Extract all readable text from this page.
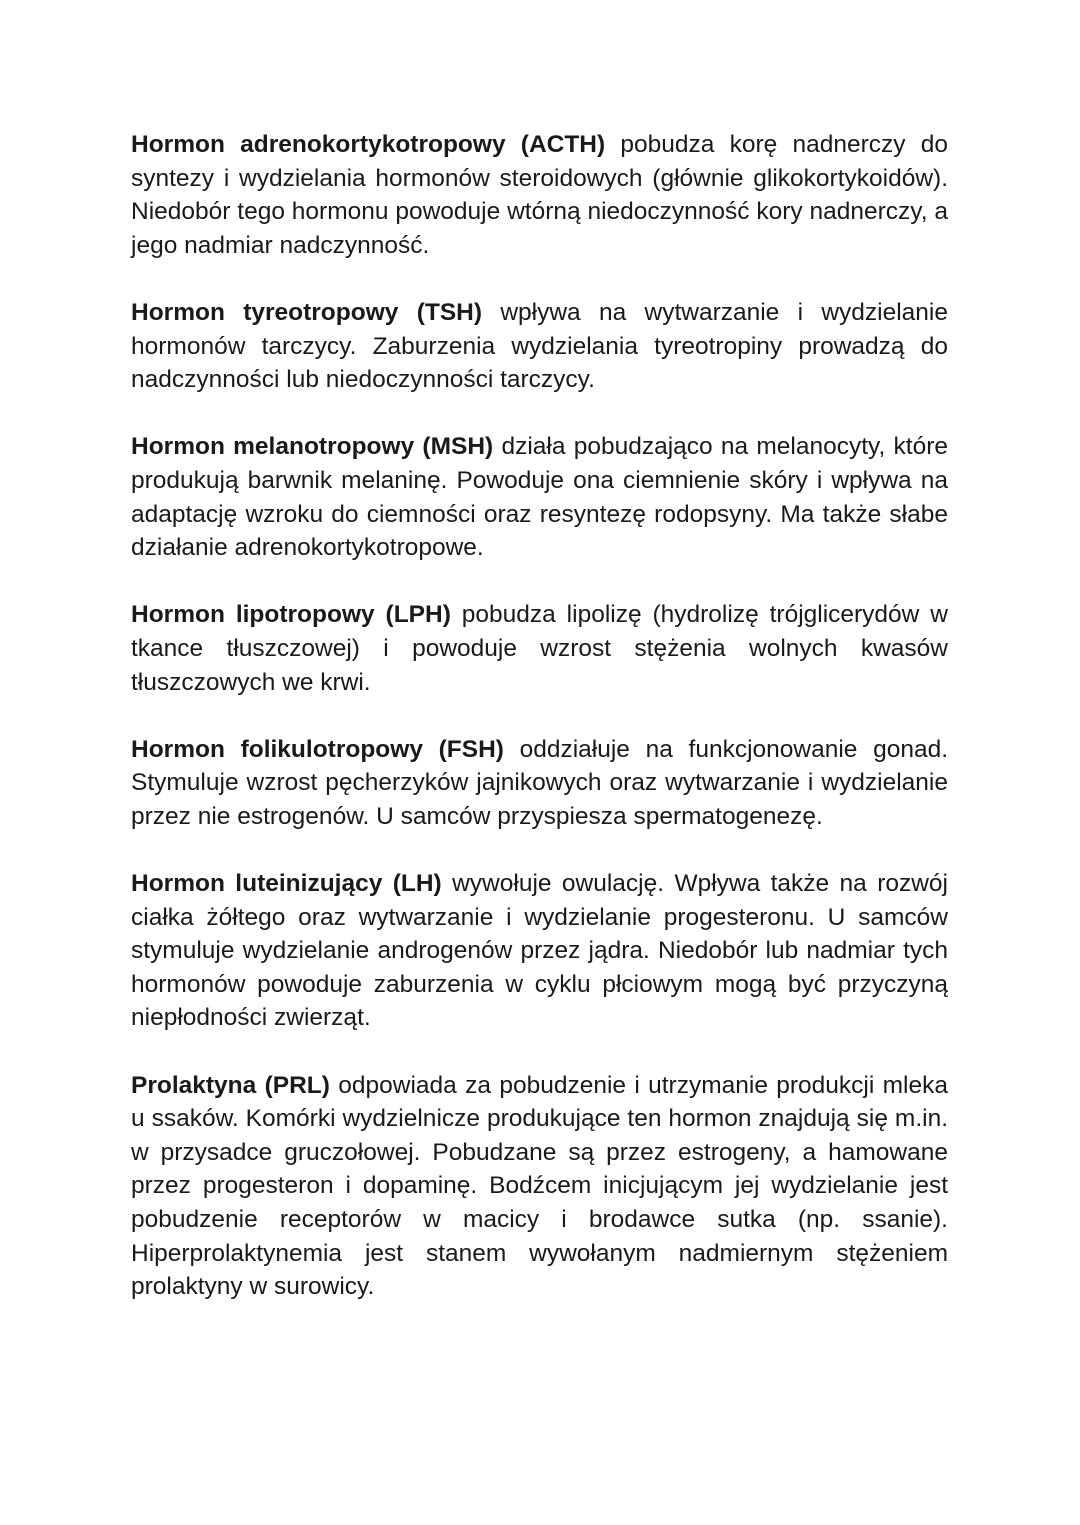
Hormon adrenokortykotropowy (ACTH) pobudza korę nadnerczy do syntezy i wydzielania hormonów steroidowych (głównie glikokortykoidów). Niedobór tego hormonu powoduje wtórną niedoczynność kory nadnerczy, a jego nadmiar nadczynność.

Hormon tyreotropowy (TSH) wpływa na wytwarzanie i wydzielanie hormonów tarczycy. Zaburzenia wydzielania tyreotropiny prowadzą do nadczynności lub niedoczynności tarczycy.

Hormon melanotropowy (MSH) działa pobudzająco na melanocyty, które produkują barwnik melaninę. Powoduje ona ciemnienie skóry i wpływa na adaptację wzroku do ciemności oraz resyntezę rodopsyny. Ma także słabe działanie adrenokortykotropowe.

Hormon lipotropowy (LPH) pobudza lipolizę (hydrolizę trójglicerydów w tkance tłuszczowej) i powoduje wzrost stężenia wolnych kwasów tłuszczowych we krwi.

Hormon folikulotropowy (FSH) oddziałuje na funkcjonowanie gonad. Stymuluje wzrost pęcherzyków jajnikowych oraz wytwarzanie i wydzielanie przez nie estrogenów. U samców przyspiesza spermatogenezę.

Hormon luteinizujący (LH) wywołuje owulację. Wpływa także na rozwój ciałka żółtego oraz wytwarzanie i wydzielanie progesteronu. U samców stymuluje wydzielanie androgenów przez jądra. Niedobór lub nadmiar tych hormonów powoduje zaburzenia w cyklu płciowym mogą być przyczyną niepłodności zwierząt.

Prolaktyna (PRL) odpowiada za pobudzenie i utrzymanie produkcji mleka u ssaków. Komórki wydzielnicze produkujące ten hormon znajdują się m.in. w przysadce gruczołowej. Pobudzane są przez estrogeny, a hamowane przez progesteron i dopaminę. Bodźcem inicjującym jej wydzielanie jest pobudzenie receptorów w macicy i brodawce sutka (np. ssanie). Hiperprolaktynemia jest stanem wywołanym nadmiernym stężeniem prolaktyny w surowicy.
